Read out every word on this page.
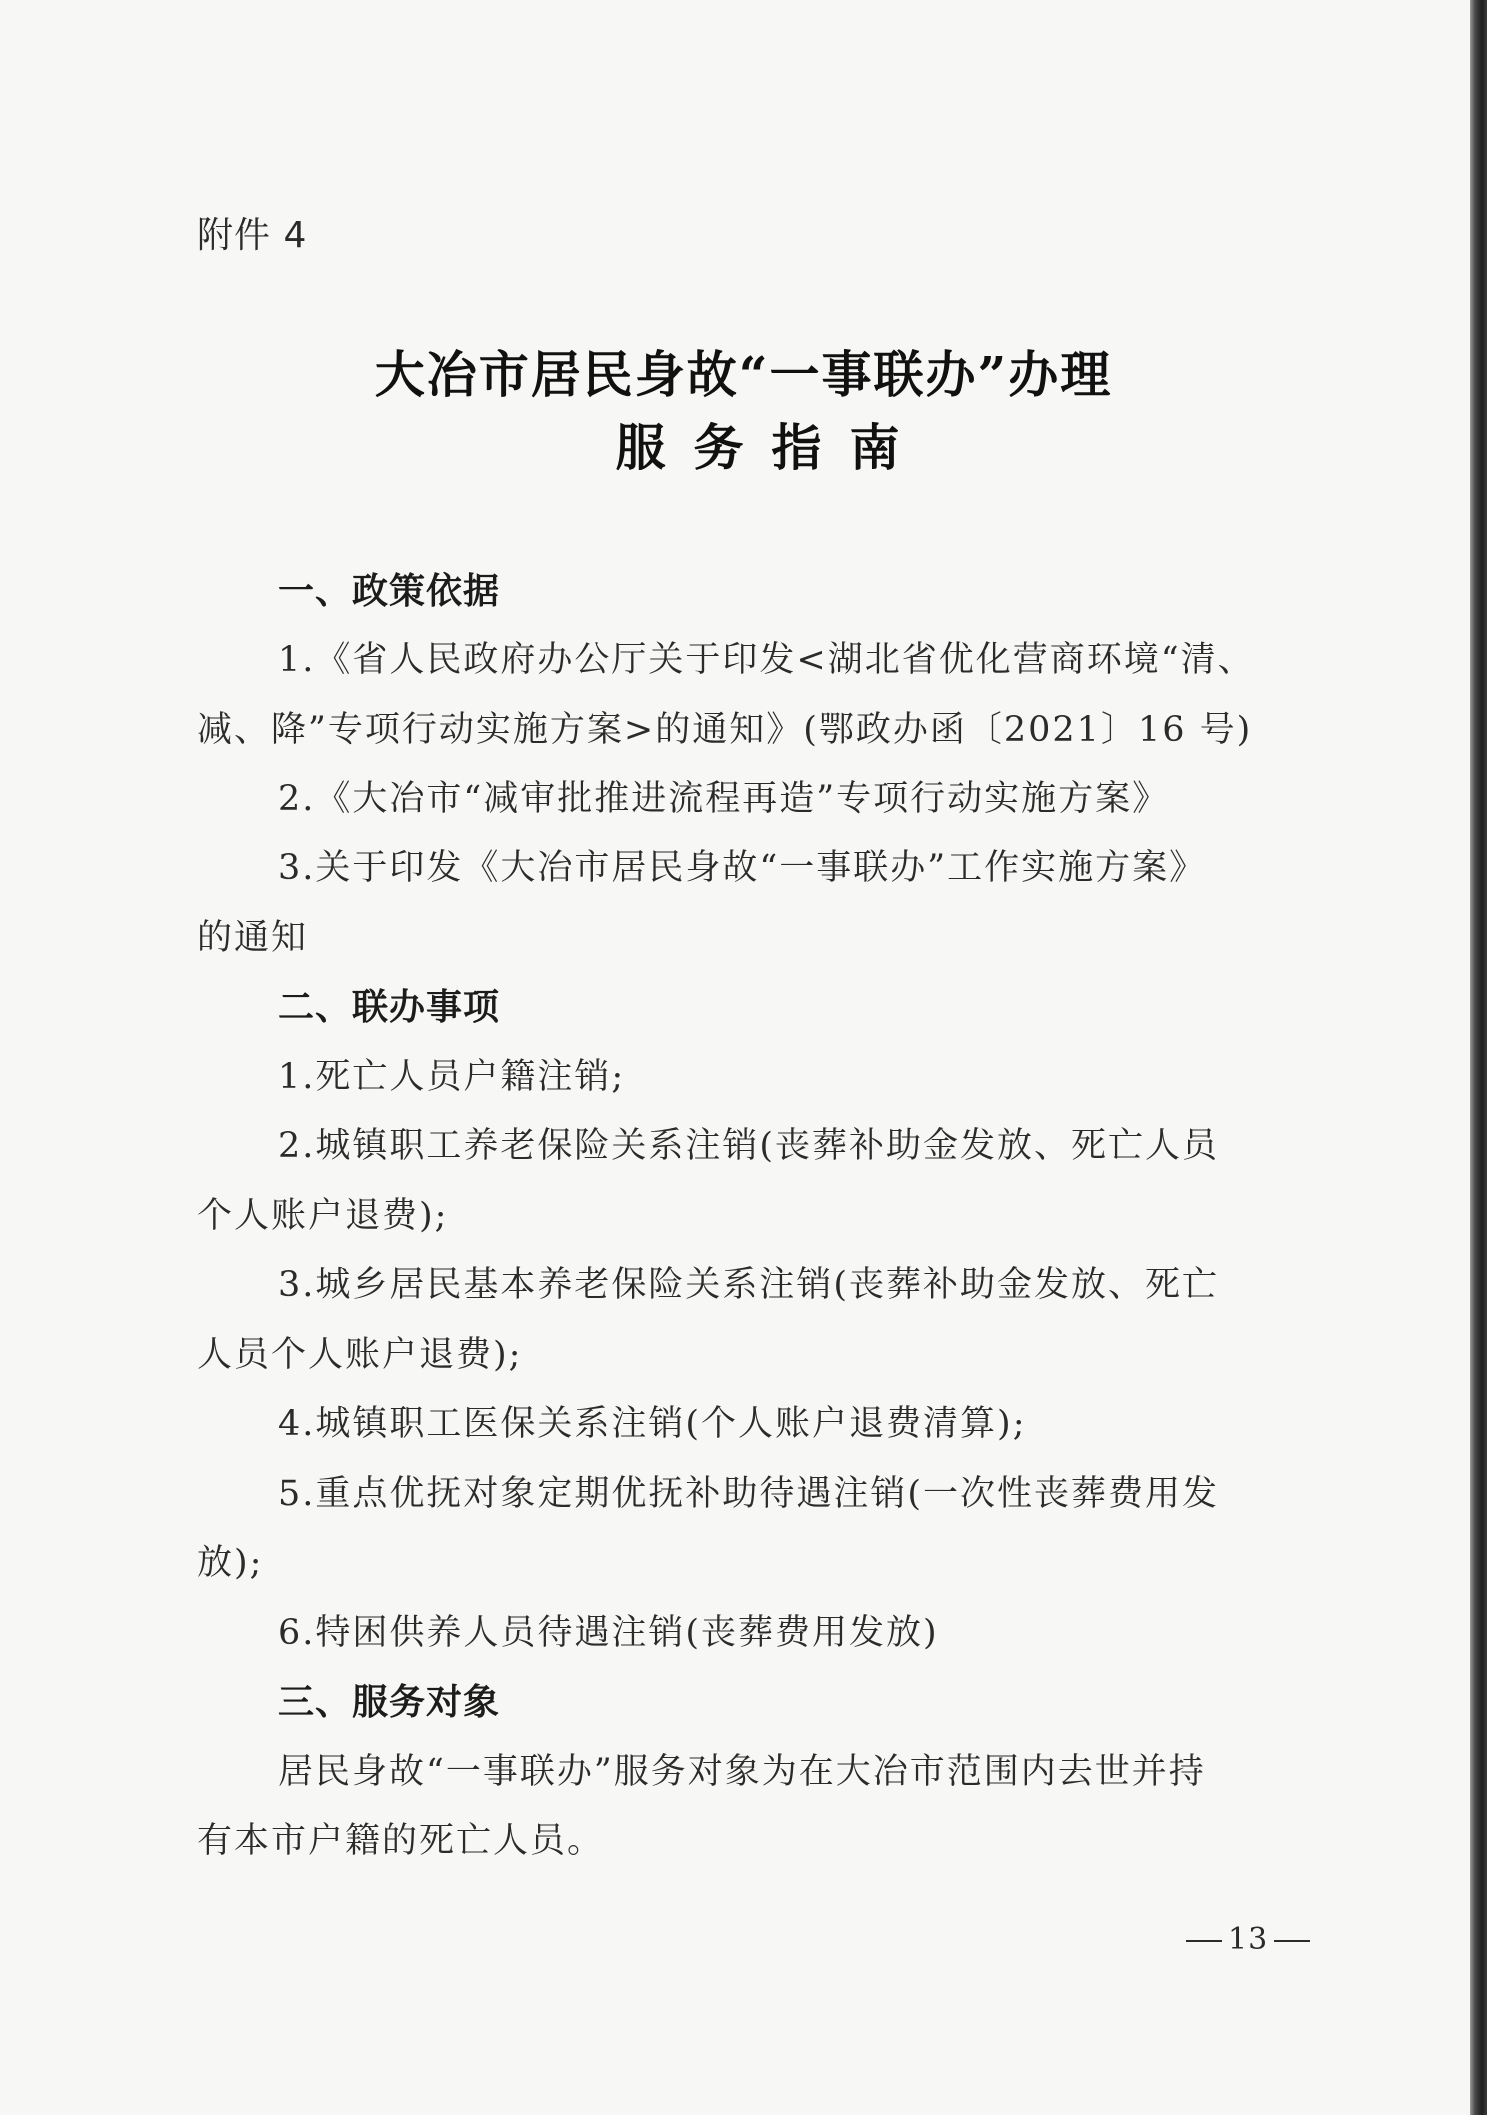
附件 4
大冶市居民身故“一事联办”办理
服务指南
一、政策依据
1.《省人民政府办公厅关于印发<湖北省优化营商环境“清、
减、降”专项行动实施方案>的通知》(鄂政办函〔2021〕16 号)
2.《大冶市“减审批推进流程再造”专项行动实施方案》
3.关于印发《大冶市居民身故“一事联办”工作实施方案》
的通知
二、联办事项
1.死亡人员户籍注销;
2.城镇职工养老保险关系注销(丧葬补助金发放、死亡人员
个人账户退费);
3.城乡居民基本养老保险关系注销(丧葬补助金发放、死亡
人员个人账户退费);
4.城镇职工医保关系注销(个人账户退费清算);
5.重点优抚对象定期优抚补助待遇注销(一次性丧葬费用发
放);
6.特困供养人员待遇注销(丧葬费用发放)
三、服务对象
居民身故“一事联办”服务对象为在大冶市范围内去世并持
有本市户籍的死亡人员。
13
